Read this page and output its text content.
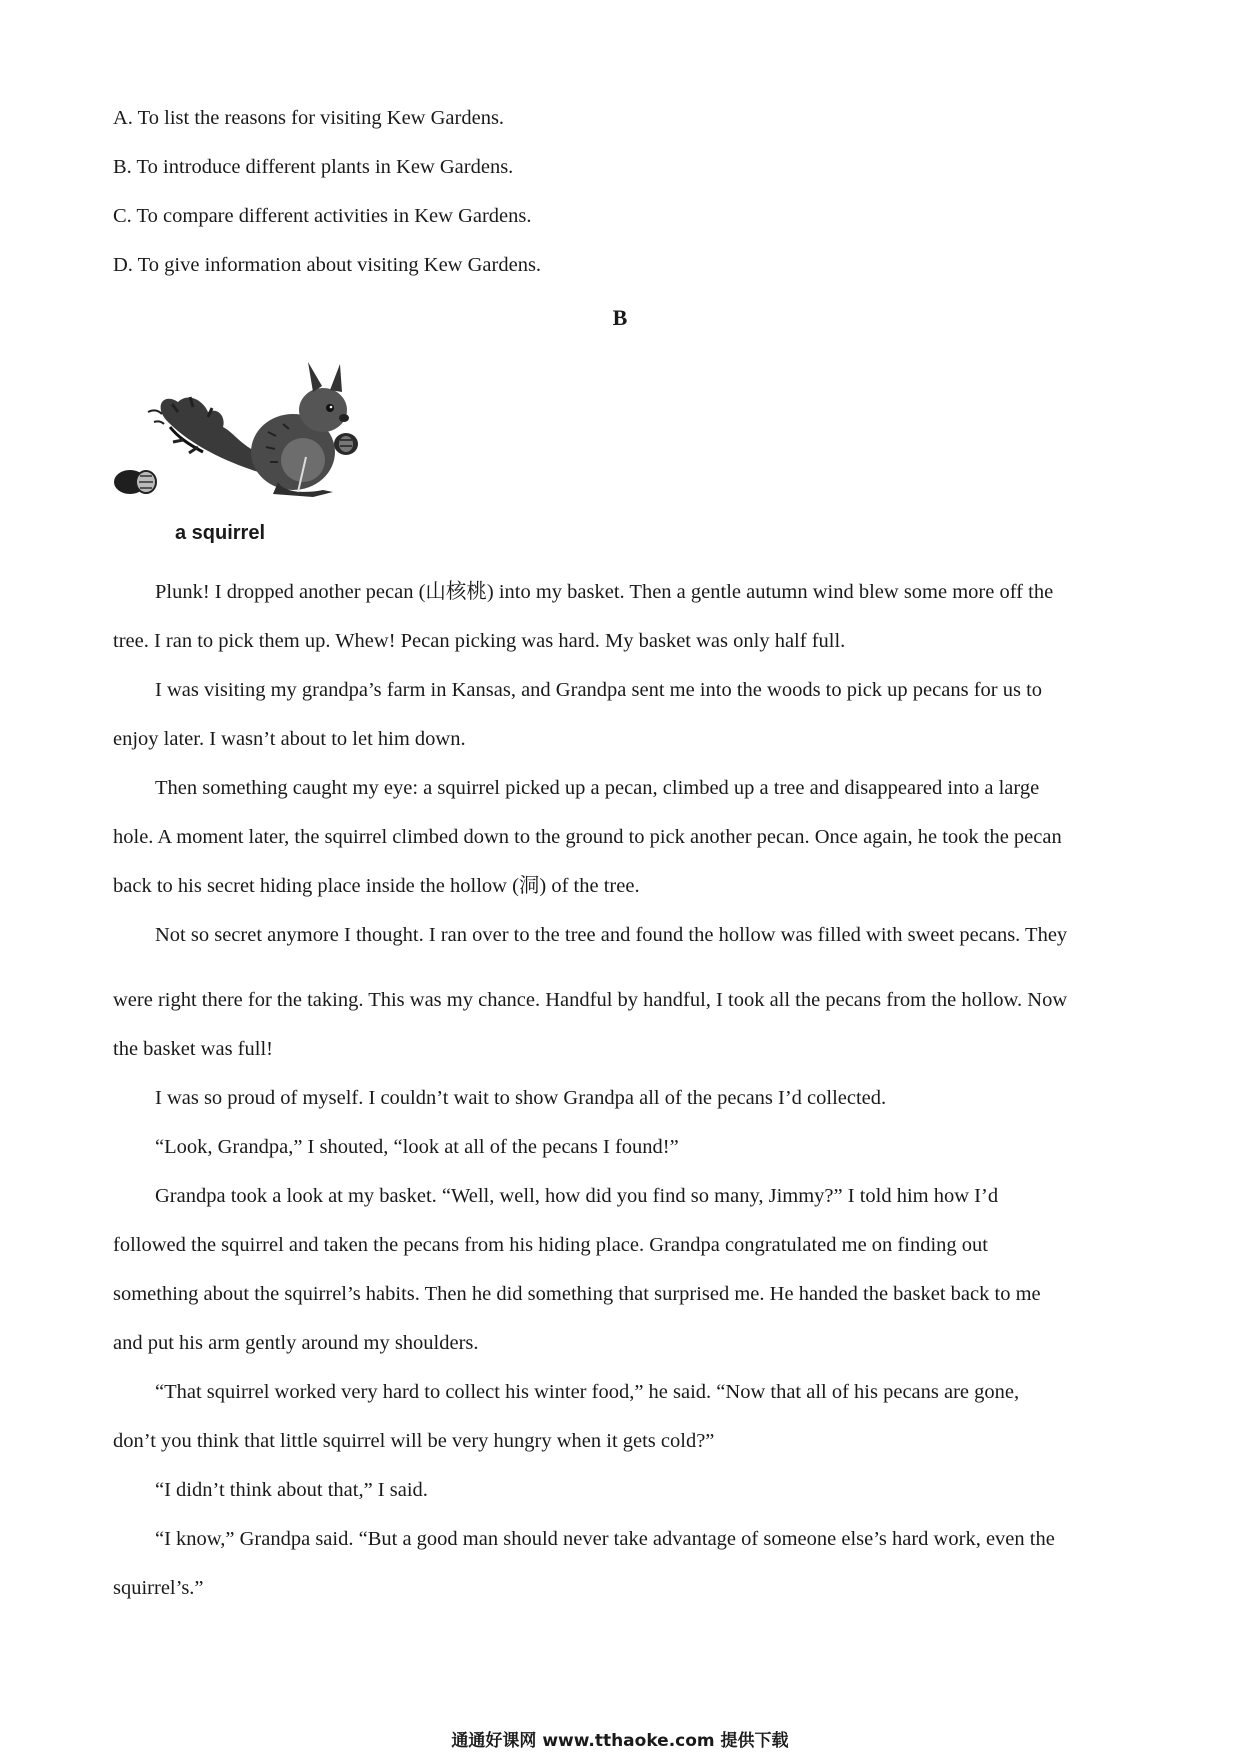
A. To list the reasons for visiting Kew Gardens.

B. To introduce different plants in Kew Gardens.

C. To compare different activities in Kew Gardens.

D. To give information about visiting Kew Gardens.

B

a squirrel

Plunk! I dropped another pecan (山核桃) into my basket. Then a gentle autumn wind blew some more off the

tree. I ran to pick them up. Whew! Pecan picking was hard. My basket was only half full.

I was visiting my grandpa’s farm in Kansas, and Grandpa sent me into the woods to pick up pecans for us to

enjoy later. I wasn’t about to let him down.

Then something caught my eye: a squirrel picked up a pecan, climbed up a tree and disappeared into a large

hole. A moment later, the squirrel climbed down to the ground to pick another pecan. Once again, he took the pecan

back to his secret hiding place inside the hollow (洞) of the tree.

Not so secret anymore I thought. I ran over to the tree and found the hollow was filled with sweet pecans. They

were right there for the taking. This was my chance. Handful by handful, I took all the pecans from the hollow. Now

the basket was full!

I was so proud of myself. I couldn’t wait to show Grandpa all of the pecans I’d collected.

“Look, Grandpa,” I shouted, “look at all of the pecans I found!”

Grandpa took a look at my basket. “Well, well, how did you find so many, Jimmy?” I told him how I’d

followed the squirrel and taken the pecans from his hiding place. Grandpa congratulated me on finding out

something about the squirrel’s habits. Then he did something that surprised me. He handed the basket back to me

and put his arm gently around my shoulders.

“That squirrel worked very hard to collect his winter food,” he said. “Now that all of his pecans are gone,

don’t you think that little squirrel will be very hungry when it gets cold?”

“I didn’t think about that,” I said.

“I know,” Grandpa said. “But a good man should never take advantage of someone else’s hard work, even the

squirrel’s.”

通通好课网 www.tthaoke.com 提供下载
